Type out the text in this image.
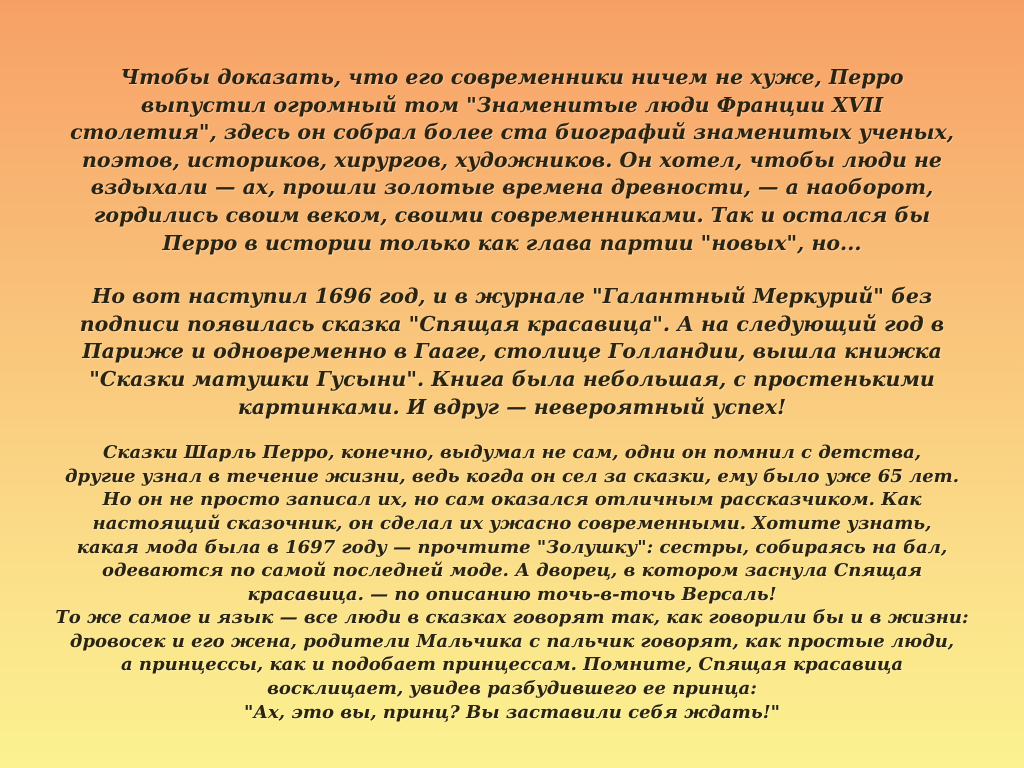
Чтобы доказать, что его современники ничем не хуже, Перро
выпустил огромный том "Знаменитые люди Франции XVII
столетия", здесь он собрал более ста биографий знаменитых ученых,
поэтов, историков, хирургов, художников. Он хотел, чтобы люди не
вздыхали — ах, прошли золотые времена древности, — а наоборот,
гордились своим веком, своими современниками. Так и остался бы
Перро в истории только как глава партии "новых", но...

Но вот наступил 1696 год, и в журнале "Галантный Меркурий" без
подписи появилась сказка "Спящая красавица". А на следующий год в
Париже и одновременно в Гааге, столице Голландии, вышла книжка
"Сказки матушки Гусыни". Книга была небольшая, с простенькими
картинками. И вдруг — невероятный успех!

Сказки Шарль Перро, конечно, выдумал не сам, одни он помнил с детства,
другие узнал в течение жизни, ведь когда он сел за сказки, ему было уже 65 лет.
Но он не просто записал их, но сам оказался отличным рассказчиком. Как
настоящий сказочник, он сделал их ужасно современными. Хотите узнать,
какая мода была в 1697 году — прочтите "Золушку": сестры, собираясь на бал,
одеваются по самой последней моде. А дворец, в котором заснула Спящая
красавица. — по описанию точь-в-точь Версаль!
То же самое и язык — все люди в сказках говорят так, как говорили бы и в жизни:
дровосек и его жена, родители Мальчика с пальчик говорят, как простые люди,
а принцессы, как и подобает принцессам. Помните, Спящая красавица
восклицает, увидев разбудившего ее принца:
"Ах, это вы, принц? Вы заставили себя ждать!"
